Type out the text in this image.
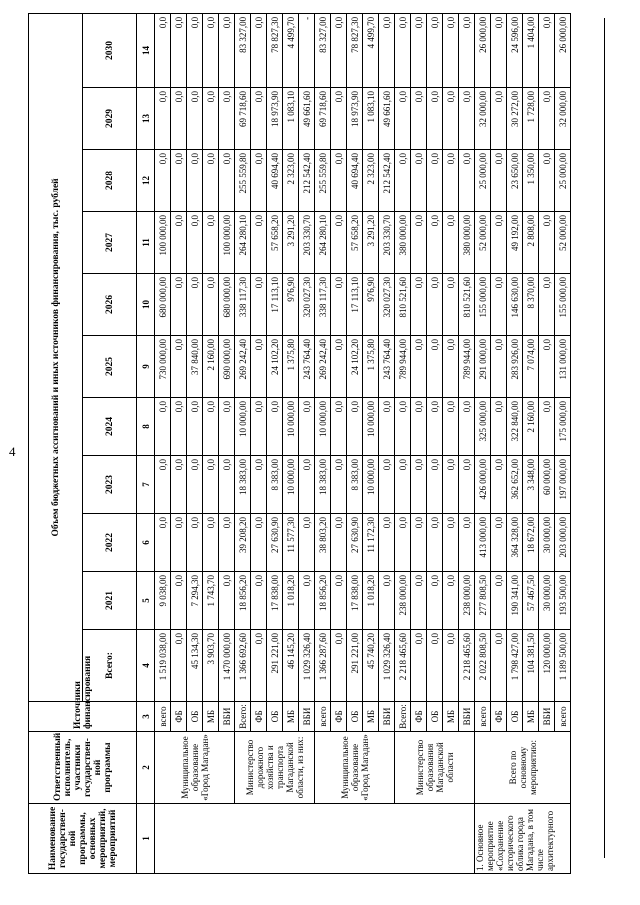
4
Наименование государствен-ной программы, основных мероприятий, мероприятий	Ответственный исполнитель, участники государствен-ной программы	Источники финансирования	Объем бюджетных ассигнований и иных источников финансирования, тыс. рублей										
			Всего:	2021	2022	2023	2024	2025	2026	2027	2028	2029	2030
1	2	3	4	5	6	7	8	9	10	11	12	13	14
	Муниципальное образование «Город Магадан»	всего	1 519 038,00	9 038,00	0,0	0,0	0,0	730 000,00	680 000,00	100 000,00	0,0	0,0	0,0
		ФБ	0,0	0,0	0,0	0,0	0,0	0,0	0,0	0,0	0,0	0,0	0,0
		ОБ	45 134,30	7 294,30	0,0	0,0	0,0	37 840,00	0,0	0,0	0,0	0,0	0,0
		МБ	3 903,70	1 743,70	0,0	0,0	0,0	2 160,00	0,0	0,0	0,0	0,0	0,0
		ВБИ	1 470 000,00	0,0	0,0	0,0	0,0	690 000,00	680 000,00	100 000,00	0,0	0,0	0,0
	Министерство дорожного хозяйства и транспорта Магаданской области, из них:	Всего:	1 366 692,60	18 856,20	39 208,20	18 383,00	10 000,00	269 242,40	338 117,30	264 280,10	255 559,80	69 718,60	83 327,00
		ФБ	0,0	0,0	0,0	0,0	0,0	0,0	0,0	0,0	0,0	0,0	0,0
		ОБ	291 221,00	17 838,00	27 630,90	8 383,00	0,0	24 102,20	17 113,10	57 658,20	40 694,40	18 973,90	78 827,30
		МБ	46 145,20	1 018,20	11 577,30	10 000,00	10 000,00	1 375,80	976,90	3 291,20	2 323,00	1 083,10	4 499,70
		ВБИ	1 029 326,40	0,0	0,0	0,0	0,0	243 764,40	320 027,30	203 330,70	212 542,40	49 661,60	-
	Муниципальное образование «Город Магадан»	всего	1 366 287,60	18 856,20	38 803,20	18 383,00	10 000,00	269 242,40	338 117,30	264 280,10	255 559,80	69 718,60	83 327,00
		ФБ	0,0	0,0	0,0	0,0	0,0	0,0	0,0	0,0	0,0	0,0	0,0
		ОБ	291 221,00	17 838,00	27 630,90	8 383,00	0,0	24 102,20	17 113,10	57 658,20	40 694,40	18 973,90	78 827,30
		МБ	45 740,20	1 018,20	11 172,30	10 000,00	10 000,00	1 375,80	976,90	3 291,20	2 323,00	1 083,10	4 499,70
		ВБИ	1 029 326,40	0,0	0,0	0,0	0,0	243 764,40	320 027,30	203 330,70	212 542,40	49 661,60	0,0
	Министерство образования Магаданской области	Всего:	2 218 465,60	238 000,00	0,0	0,0	0,0	789 944,00	810 521,60	380 000,00	0,0	0,0	0,0
		ФБ	0,0	0,0	0,0	0,0	0,0	0,0	0,0	0,0	0,0	0,0	0,0
		ОБ	0,0	0,0	0,0	0,0	0,0	0,0	0,0	0,0	0,0	0,0	0,0
		МБ	0,0	0,0	0,0	0,0	0,0	0,0	0,0	0,0	0,0	0,0	0,0
		ВБИ	2 218 465,60	238 000,00	0,0	0,0	0,0	789 944,00	810 521,60	380 000,00	0,0	0,0	0,0
1. Основное мероприятие «Сохранение исторического облика города Магадана, в том числе архитектурного	Всего по основному мероприятию:	всего	2 022 808,50	277 808,50	413 000,00	426 000,00	325 000,00	291 000,00	155 000,00	52 000,00	25 000,00	32 000,00	26 000,00
		ФБ	0,0	0,0	0,0	0,0	0,0	0,0	0,0	0,0	0,0	0,0	0,0
		ОБ	1 798 427,00	190 341,00	364 328,00	362 652,00	322 840,00	283 926,00	146 630,00	49 192,00	23 650,00	30 272,00	24 596,00
		МБ	104 381,50	57 467,50	18 672,00	3 348,00	2 160,00	7 074,00	8 370,00	2 808,00	1 350,00	1 728,00	1 404,00
		ВБИ	120 000,00	30 000,00	30 000,00	60 000,00	0,0	0,0	0,0	0,0	0,0	0,0	0,0
		всего	1 189 500,00	193 500,00	203 000,00	197 000,00	175 000,00	131 000,00	155 000,00	52 000,00	25 000,00	32 000,00	26 000,00
